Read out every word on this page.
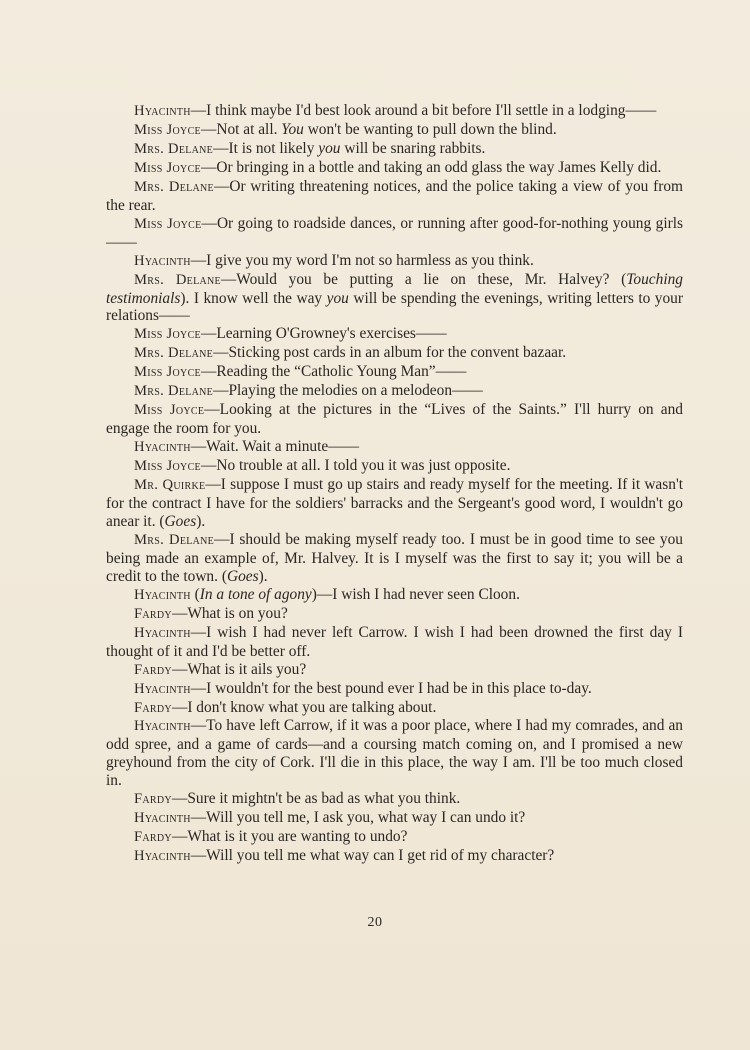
Hyacinth—I think maybe I'd best look around a bit before I'll settle in a lodging——

Miss Joyce—Not at all. You won't be wanting to pull down the blind.

Mrs. Delane—It is not likely you will be snaring rabbits.

Miss Joyce—Or bringing in a bottle and taking an odd glass the way James Kelly did.

Mrs. Delane—Or writing threatening notices, and the police taking a view of you from the rear.

Miss Joyce—Or going to roadside dances, or running after good-for-nothing young girls——

Hyacinth—I give you my word I'm not so harmless as you think.

Mrs. Delane—Would you be putting a lie on these, Mr. Halvey? (Touching testimonials). I know well the way you will be spending the evenings, writing letters to your relations——

Miss Joyce—Learning O'Growney's exercises——

Mrs. Delane—Sticking post cards in an album for the convent bazaar.

Miss Joyce—Reading the “Catholic Young Man”——

Mrs. Delane—Playing the melodies on a melodeon——

Miss Joyce—Looking at the pictures in the “Lives of the Saints.” I'll hurry on and engage the room for you.

Hyacinth—Wait. Wait a minute——

Miss Joyce—No trouble at all. I told you it was just opposite.

Mr. Quirke—I suppose I must go up stairs and ready myself for the meeting. If it wasn't for the contract I have for the soldiers' barracks and the Sergeant's good word, I wouldn't go anear it. (Goes).

Mrs. Delane—I should be making myself ready too. I must be in good time to see you being made an example of, Mr. Halvey. It is I myself was the first to say it; you will be a credit to the town. (Goes).

Hyacinth (In a tone of agony)—I wish I had never seen Cloon.

Fardy—What is on you?

Hyacinth—I wish I had never left Carrow. I wish I had been drowned the first day I thought of it and I'd be better off.

Fardy—What is it ails you?

Hyacinth—I wouldn't for the best pound ever I had be in this place to-day.

Fardy—I don't know what you are talking about.

Hyacinth—To have left Carrow, if it was a poor place, where I had my comrades, and an odd spree, and a game of cards—and a coursing match coming on, and I promised a new greyhound from the city of Cork. I'll die in this place, the way I am. I'll be too much closed in.

Fardy—Sure it mightn't be as bad as what you think.

Hyacinth—Will you tell me, I ask you, what way I can undo it?

Fardy—What is it you are wanting to undo?

Hyacinth—Will you tell me what way can I get rid of my character?

20
